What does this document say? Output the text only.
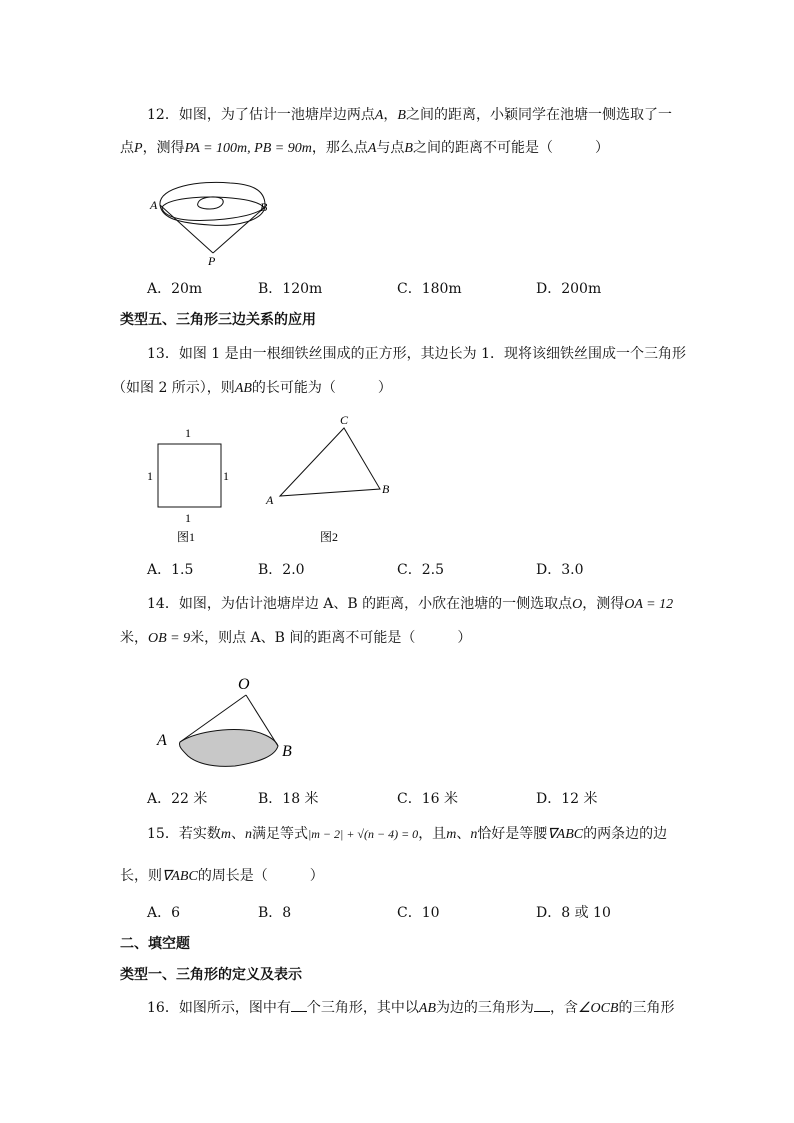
12．如图，为了估计一池塘岸边两点A，B之间的距离，小颖同学在池塘一侧选取了一
点P，测得PA = 100m, PB = 90m，那么点A与点B之间的距离不可能是（　　　）
A	B
P
A．20m	B．120m	C．180m	D．200m
类型五、三角形三边关系的应用
13．如图 1 是由一根细铁丝围成的正方形，其边长为 1．现将该细铁丝围成一个三角形
（如图 2 所示），则AB的长可能为（　　　）
1
1	1
1
图1
C
A
B
图2
A．1.5	B．2.0	C．2.5	D．3.0
14．如图，为估计池塘岸边 A、B 的距离，小欣在池塘的一侧选取点O，测得OA = 12
米，OB = 9米，则点 A、B 间的距离不可能是（　　　）
O
A
B
A．22 米	B．18 米	C．16 米	D．12 米
15．若实数m、n满足等式|m − 2| + √(n − 4) = 0，且m、n恰好是等腰∇ABC的两条边的边
长，则∇ABC的周长是（　　　）
A．6	B．8	C．10	D．8 或 10
二、填空题
类型一、三角形的定义及表示
16．如图所示，图中有 个三角形，其中以AB为边的三角形为 ，含∠OCB的三角形
